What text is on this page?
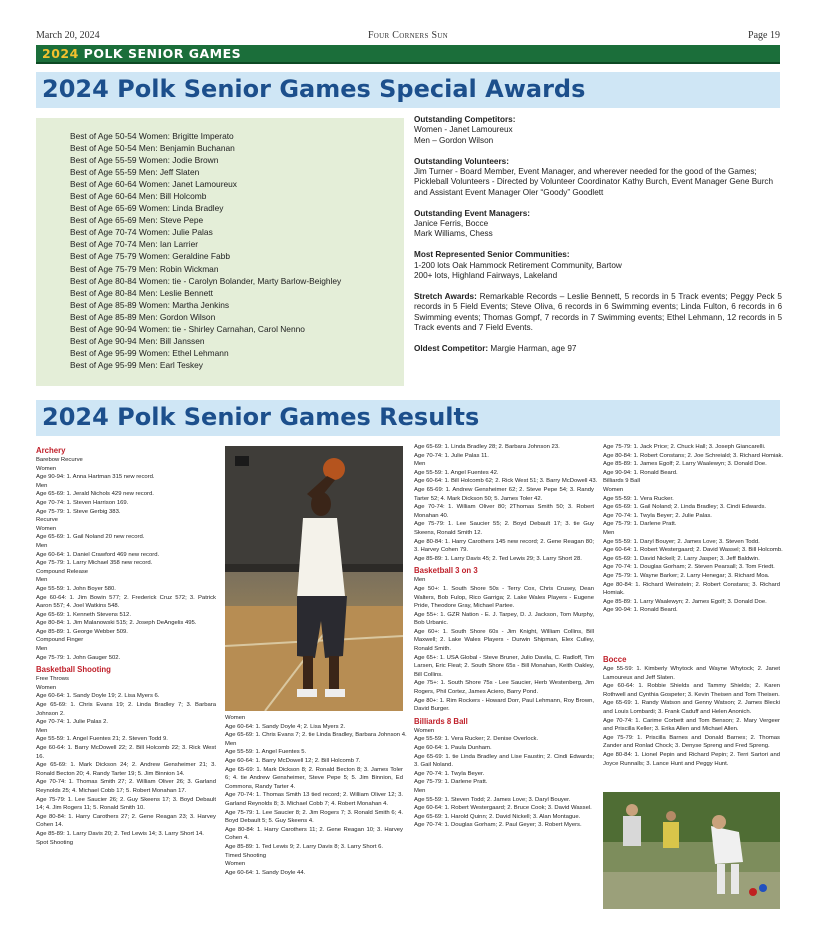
March 20, 2024	Four Corners Sun	Page 19
2024 POLK SENIOR GAMES
2024 Polk Senior Games Special Awards
Best of Age 50-54 Women: Brigitte Imperato
Best of Age 50-54 Men: Benjamin Buchanan
Best of Age 55-59 Women: Jodie Brown
Best of Age 55-59 Men: Jeff Slaten
Best of Age 60-64 Women: Janet Lamoureux
Best of Age 60-64 Men: Bill Holcomb
Best of Age 65-69 Women: Linda Bradley
Best of Age 65-69 Men: Steve Pepe
Best of Age 70-74 Women: Julie Palas
Best of Age 70-74 Men: Ian Larrier
Best of Age 75-79 Women: Geraldine Fabb
Best of Age 75-79 Men: Robin Wickman
Best of Age 80-84 Women: tie - Carolyn Bolander, Marty Barlow-Beighley
Best of Age 80-84 Men: Leslie Bennett
Best of Age 85-89 Women: Martha Jenkins
Best of Age 85-89 Men: Gordon Wilson
Best of Age 90-94 Women: tie - Shirley Carnahan, Carol Nenno
Best of Age 90-94 Men: Bill Janssen
Best of Age 95-99 Women: Ethel Lehmann
Best of Age 95-99 Men: Earl Teskey

Outstanding Competitors:
Women - Janet Lamoureux
Men – Gordon Wilson

Outstanding Volunteers:
Jim Turner - Board Member, Event Manager, and wherever needed for the good of the Games; Pickleball Volunteers - Directed by Volunteer Coordinator Kathy Burch, Event Manager Gene Burch and Assistant Event Manager Oler “Goody” Goodlett

Outstanding Event Managers:
Janice Ferris, Bocce
Mark Williams, Chess

Most Represented Senior Communities:
1-200 lots Oak Hammock Retirement Community, Bartow
200+ lots, Highland Fairways, Lakeland

Stretch Awards: Remarkable Records – Leslie Bennett, 5 records in 5 Track events; Peggy Peck 5 records in 5 Field Events; Steve Oliva, 6 records in 6 Swimming events; Linda Fulton, 6 records in 6 Swimming events; Thomas Gompf, 7 records in 7 Swimming events; Ethel Lehmann, 12 records in 5 Track events and 7 Field Events.

Oldest Competitor: Margie Harman, age 97

2024 Polk Senior Games Results
Archery
Barebow Recurve
Women
Age 90-94: 1. Anna Hartman 315 new record.
Men
Age 65-69: 1. Jerald Nichols 429 new record.
Age 70-74: 1. Steven Harrison 169.
Age 75-79: 1. Steve Gerbig 383.
Recurve
Women
Age 65-69: 1. Gail Noland 20 new record.
Men
Age 60-64: 1. Daniel Crawford 469 new record.
Age 75-79: 1. Larry Michael 358 new record.
Compound Release
Men
Age 55-59: 1. John Boyer 580.
Age 60-64: 1. Jim Bowin 577; 2. Frederick Cruz 572; 3. Patrick Aaron 557; 4. Joel Watkins 548.
Age 65-69: 1. Kenneth Stevens 512.
Age 80-84: 1. Jim Malanowski 515; 2. Joseph DeAngelis 495.
Age 85-89: 1. George Webber 509.
Compound Finger
Men
Age 75-79: 1. John Gauger 502.
Basketball Shooting
Free Throws
Women
Age 60-64: 1. Sandy Doyle 19; 2. Lisa Myers 6.
Age 65-69: 1. Chris Evans 19; 2. Linda Bradley 7; 3. Barbara Johnson 2.
Age 70-74: 1. Julie Palas 2.
Men
Age 55-59: 1. Angel Fuentes 21; 2. Steven Todd 9.
Age 60-64: 1. Barry McDowell 22; 2. Bill Holcomb 22; 3. Rick West 16.
Age 65-69: 1. Mark Dickson 24; 2. Andrew Gensheimer 21; 3. Ronald Becton 20; 4. Randy Tarter 19; 5. Jim Binnion 14.
Age 70-74: 1. Thomas Smith 27; 2. William Oliver 26; 3. Garland Reynolds 25; 4. Michael Cobb 17; 5. Robert Monahan 17.
Age 75-79: 1. Lee Saucier 26; 2. Guy Skeens 17; 3. Boyd Debault 14; 4. Jim Rogers 11; 5. Ronald Smith 10.
Age 80-84: 1. Harry Carothers 27; 2. Gene Reagan 23; 3. Harvey Cohen 14.
Age 85-89: 1. Larry Davis 20; 2. Ted Lewis 14; 3. Larry Short 14.
Spot Shooting
Women
Age 60-64: 1. Sandy Doyle 4; 2. Lisa Myers 2.
Age 65-69: 1. Chris Evans 7; 2. tie Linda Bradley, Barbara Johnson 4.
Men
Age 55-59: 1. Angel Fuentes 5.
Age 60-64: 1. Barry McDowell 12; 2. Bill Holcomb 7.
Age 65-69: 1. Mark Dickson 8; 2. Ronald Becton 8; 3. James Toler 6; 4. tie Andrew Gensheimer, Steve Pepe 5; 5. Jim Binnion, Ed Commons, Randy Tarter 4.
Age 70-74: 1. Thomas Smith 13 tied record; 2. William Oliver 12; 3. Garland Reynolds 8; 3. Michael Cobb 7; 4. Robert Monahan 4.
Age 75-79: 1. Lee Saucier 8; 2. Jim Rogers 7; 3. Ronald Smith 6; 4. Boyd Debault 5; 5. Guy Skeens 4.
Age 80-84: 1. Harry Carothers 11; 2. Gene Reagan 10; 3. Harvey Cohen 4.
Age 85-89: 1. Ted Lewis 9; 2. Larry Davis 8; 3. Larry Short 6.
Timed Shooting
Women
Age 60-64: 1. Sandy Doyle 44.
Age 65-69: 1. Linda Bradley 28; 2. Barbara Johnson 23.
Age 70-74: 1. Julie Palas 11.
Men
Age 55-59: 1. Angel Fuentes 42.
Age 60-64: 1. Bill Holcomb 62; 2. Rick West 51; 3. Barry McDowell 43.
Age 65-69: 1. Andrew Gensheimer 62; 2. Steve Pepe 54; 3. Randy Tarter 52; 4. Mark Dickson 50; 5. James Toler 42.
Age 70-74: 1. William Oliver 80; 2Thomas Smith 50; 3. Robert Monahan 40.
Age 75-79: 1. Lee Saucier 55; 2. Boyd Debault 17; 3. tie Guy Skeens, Ronald Smith 12.
Age 80-84: 1. Harry Carothers 145 new record; 2. Gene Reagan 80; 3. Harvey Cohen 79.
Age 85-89: 1. Larry Davis 45; 2. Ted Lewis 29; 3. Larry Short 28.
Basketball 3 on 3
Men
Age 50+: 1. South Shore 50s - Terry Cox, Chris Crusey, Dean Walters, Bob Fulop, Rico Garriga; 2. Lake Wales Players - Eugene Pride, Theodore Gray, Michael Partee.
Age 55+: 1. GZR Nation - E. J. Tarpey, D. J. Jackson, Tom Murphy, Bob Urbanic.
Age 60+: 1. South Shore 60s - Jim Knight, William Collins, Bill Maxwell; 2. Lake Wales Players - Durwin Shipman, Elex Culley, Ronald Smith.
Age 65+: 1. USA Global - Steve Bruner, Julio Davila, C. Radloff, Tim Larsen, Eric Fleat; 2. South Shore 65s - Bill Monahan, Keith Oakley, Bill Collins.
Age 75+: 1. South Shore 75s - Lee Saucier, Herb Westenberg, Jim Rogers, Phil Cortez, James Aciero, Barry Pond.
Age 80+: 1. Rim Rockers - Howard Dorr, Paul Lehmann, Roy Brown, David Burger.
Billiards 8 Ball
Women
Age 55-59: 1. Vera Rucker; 2. Denise Overlock.
Age 60-64: 1. Paula Dunham.
Age 65-69: 1. tie Linda Bradley and Lise Faustin; 2. Cindi Edwards; 3. Gail Noland.
Age 70-74: 1. Twyla Beyer.
Age 75-79: 1. Darlene Pratt.
Men
Age 55-59: 1. Steven Todd; 2. James Love; 3. Daryl Bouyer.
Age 60-64: 1. Robert Westergaard; 2. Bruce Cook; 3. David Wassel.
Age 65-69: 1. Harold Quinn; 2. David Nickell; 3. Alan Montague.
Age 70-74: 1. Douglas Gorham; 2. Paul Geyer; 3. Robert Myers.
Age 75-79: 1. Jack Price; 2. Chuck Hall; 3. Joseph Giancarelli.
Age 80-84: 1. Robert Constans; 2. Joe Schreiald; 3. Richard Homiak.
Age 85-89: 1. James Egolf; 2. Larry Waalewyn; 3. Donald Doe.
Age 90-94: 1. Ronald Beard.
Billiards 9 Ball
Women
Age 55-59: 1. Vera Rucker.
Age 65-69: 1. Gail Noland; 2. Linda Bradley; 3. Cindi Edwards.
Age 70-74: 1. Twyla Beyer; 2. Julie Palas.
Age 75-79: 1. Darlene Pratt.
Men
Age 55-59: 1. Daryl Bouyer; 2. James Love; 3. Steven Todd.
Age 60-64: 1. Robert Westergaard; 2. David Wassel; 3. Bill Holcomb.
Age 65-69: 1. David Nickell; 2. Larry Jasper; 3. Jeff Baldwin.
Age 70-74: 1. Douglas Gorham; 2. Steven Pearsall; 3. Tom Friedt.
Age 75-79: 1. Wayne Barker; 2. Larry Henegar; 3. Richard Moa.
Age 80-84: 1. Richard Weinstein; 2. Robert Constans; 3. Richard Homiak.
Age 85-89: 1. Larry Waalewyn; 2. James Egolf; 3. Donald Doe.
Age 90-94: 1. Ronald Beard.
Bocce
Age 55-59: 1. Kimberly Whytock and Wayne Whytock; 2. Janet Lamoureux and Jeff Slaten.
Age 60-64: 1. Robbie Shields and Tammy Shields; 2. Karen Rothwell and Cynthia Gospeter; 3. Kevin Theisen and Tom Theisen.
Age 65-69: 1. Randy Watson and Genny Watson; 2. James Blecki and Louis Lombardi; 3. Frank Caduff and Helen Anonich.
Age 70-74: 1. Carime Corbett and Tom Benson; 2. Mary Vergeer and Priscilla Keller; 3. Erika Allen and Michael Allen.
Age 75-79: 1. Priscilla Barnes and Donald Barnes; 2. Thomas Zander and Ronlad Chock; 3. Denyse Spreng and Fred Spreng.
Age 80-84: 1. Lionel Pepin and Richard Pepin; 2. Terri Sartori and Joyce Runnalls; 3. Lance Hunt and Peggy Hunt.
